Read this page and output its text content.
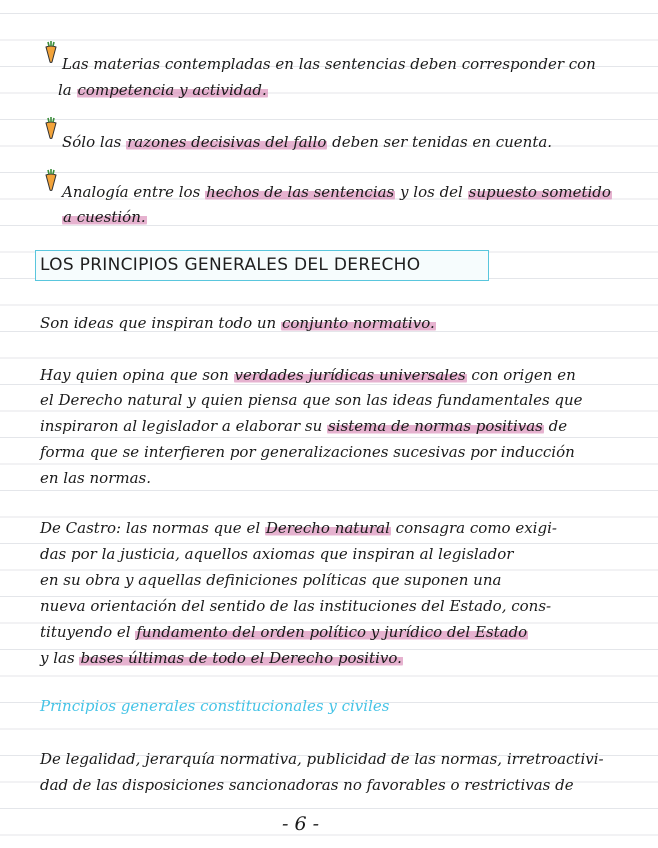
Las materias contempladas en las sentencias deben corresponder con
la competencia y actividad.
Sólo las razones decisivas del fallo deben ser tenidas en cuenta.
Analogía entre los hechos de las sentencias y los del supuesto sometido
a cuestión.
LOS PRINCIPIOS GENERALES DEL DERECHO
Son ideas que inspiran todo un conjunto normativo.
Hay quien opina que son verdades jurídicas universales con origen en
el Derecho natural y quien piensa que son las ideas fundamentales que
inspiraron al legislador a elaborar su sistema de normas positivas de
forma que se interfieren por generalizaciones sucesivas por inducción
en las normas.
De Castro: las normas que el Derecho natural consagra como exigi-
das por la justicia, aquellos axiomas que inspiran al legislador
en su obra y aquellas definiciones políticas que suponen una
nueva orientación del sentido de las instituciones del Estado, cons-
tituyendo el fundamento del orden político y jurídico del Estado
y las bases últimas de todo el Derecho positivo.
Principios generales constitucionales y civiles
De legalidad, jerarquía normativa, publicidad de las normas, irretroactivi-
dad de las disposiciones sancionadoras no favorables o restrictivas de
- 6 -
